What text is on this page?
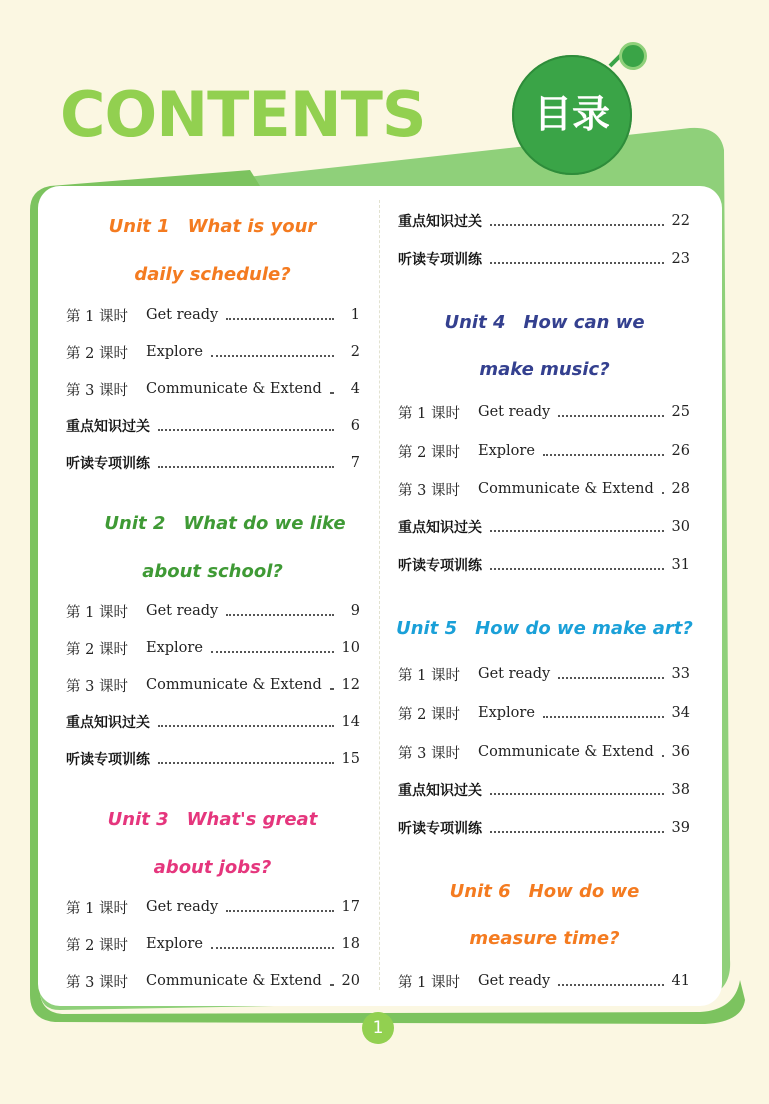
CONTENTS	目录
Unit 1 What is your
daily schedule?
第 1 课时	Get ready	1
第 2 课时	Explore	2
第 3 课时	Communicate & Extend	4
重点知识过关	6
听读专项训练	7
Unit 2 What do we like
about school?
第 1 课时	Get ready	9
第 2 课时	Explore	10
第 3 课时	Communicate & Extend 12
重点知识过关	14
听读专项训练	15
Unit 3 What's great
about jobs?
第 1 课时	Get ready	17
第 2 课时	Explore	18
第 3 课时	Communicate & Extend 20
重点知识过关	22
听读专项训练	23
Unit 4 How can we
make music?
第 1 课时	Get ready	25
第 2 课时	Explore	26
第 3 课时	Communicate & Extend 28
重点知识过关	30
听读专项训练	31
Unit 5 How do we make art?
第 1 课时	Get ready	33
第 2 课时	Explore	34
第 3 课时	Communicate & Extend 36
重点知识过关	38
听读专项训练	39
Unit 6 How do we
measure time?
第 1 课时	Get ready	41
1
